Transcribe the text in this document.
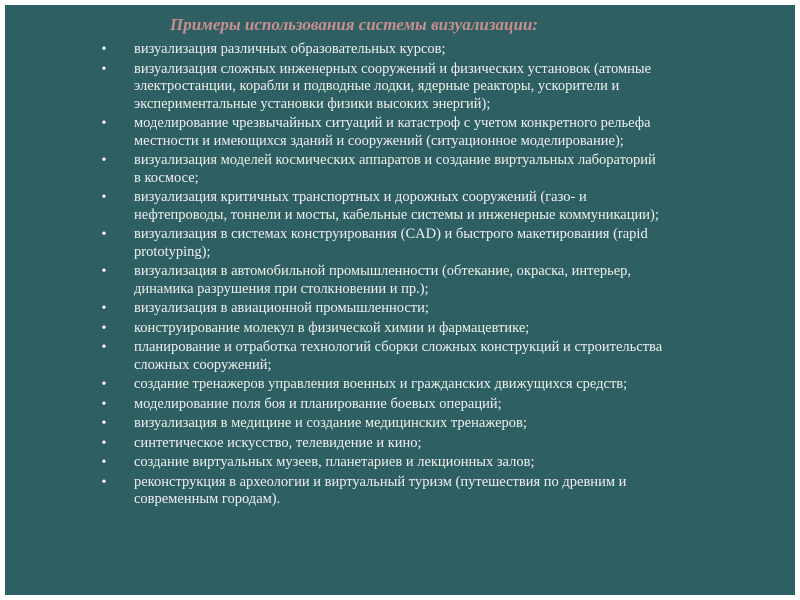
Примеры использования системы визуализации:
•	визуализация различных образовательных курсов;
•	визуализация сложных инженерных сооружений и физических установок (атомные электростанции, корабли и подводные лодки, ядерные реакторы, ускорители и экспериментальные установки физики высоких энергий);
•	моделирование чрезвычайных ситуаций и катастроф с учетом конкретного рельефа местности и имеющихся зданий и сооружений (ситуационное моделирование);
•	визуализация моделей космических аппаратов и создание виртуальных лабораторий в космосе;
•	визуализация критичных транспортных и дорожных сооружений (газо- и нефтепроводы, тоннели и мосты, кабельные системы и инженерные коммуникации);
•	визуализация в системах конструирования (CAD) и быстрого макетирования (rapid prototyping);
•	визуализация в автомобильной промышленности (обтекание, окраска, интерьер, динамика разрушения при столкновении и пр.);
•	визуализация в авиационной промышленности;
•	конструирование молекул в физической химии и фармацевтике;
•	планирование и отработка технологий сборки сложных конструкций и строительства сложных сооружений;
•	создание тренажеров управления военных и гражданских движущихся средств;
•	моделирование поля боя и планирование боевых операций;
•	визуализация в медицине и создание медицинских тренажеров;
•	синтетическое искусство, телевидение и кино;
•	создание виртуальных музеев, планетариев и лекционных залов;
•	реконструкция в археологии и виртуальный туризм (путешествия по древним и современным городам).
